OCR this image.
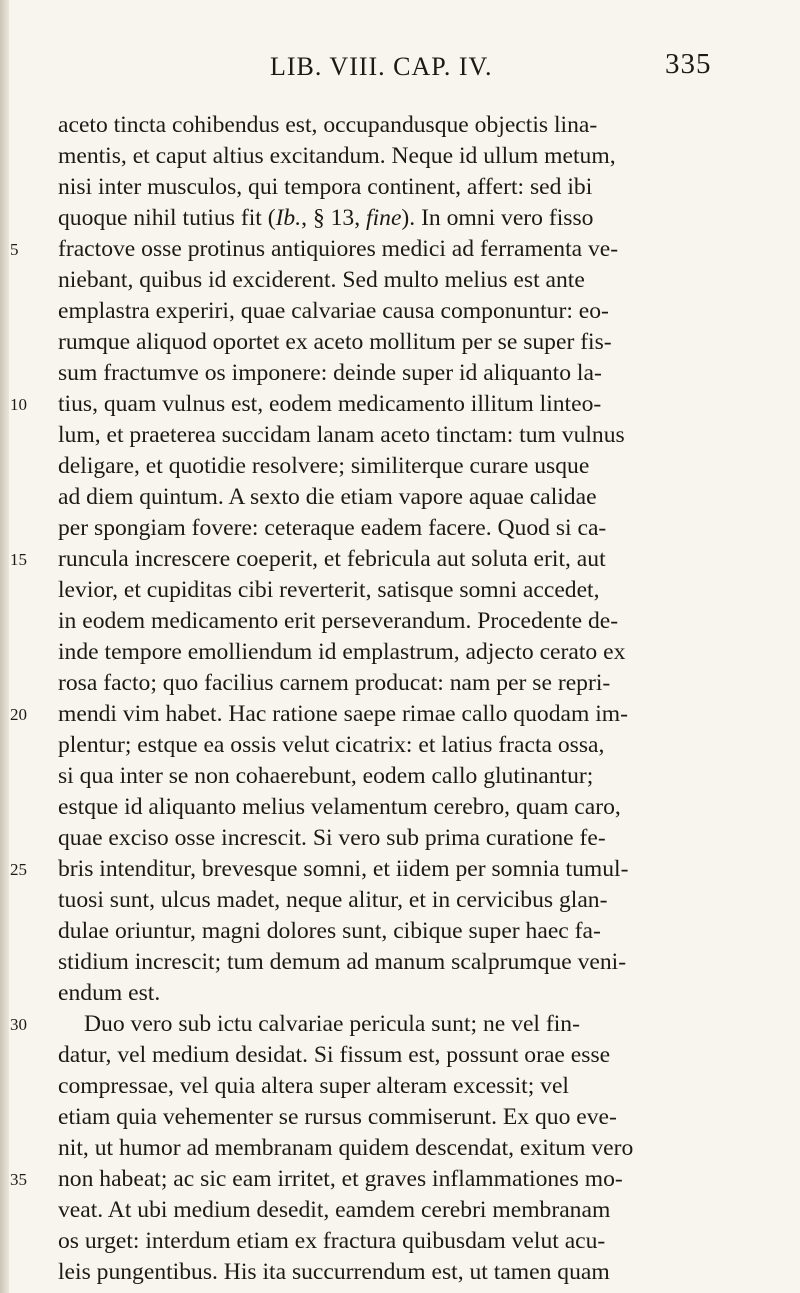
LIB. VIII. CAP. IV.	335
aceto tincta cohibendus est, occupandusque objectis lina-
mentis, et caput altius excitandum. Neque id ullum metum,
nisi inter musculos, qui tempora continent, affert: sed ibi
quoque nihil tutius fit (Ib., § 13, fine). In omni vero fisso
5	fractove osse protinus antiquiores medici ad ferramenta ve-
niebant, quibus id exciderent. Sed multo melius est ante
emplastra experiri, quae calvariae causa componuntur: eo-
rumque aliquod oportet ex aceto mollitum per se super fis-
sum fractumve os imponere: deinde super id aliquanto la-
10	tius, quam vulnus est, eodem medicamento illitum linteo-
lum, et praeterea succidam lanam aceto tinctam: tum vulnus
deligare, et quotidie resolvere; similiterque curare usque
ad diem quintum. A sexto die etiam vapore aquae calidae
per spongiam fovere: ceteraque eadem facere. Quod si ca-
15	runcula increscere coeperit, et febricula aut soluta erit, aut
levior, et cupiditas cibi reverterit, satisque somni accedet,
in eodem medicamento erit perseverandum. Procedente de-
inde tempore emolliendum id emplastrum, adjecto cerato ex
rosa facto; quo facilius carnem producat: nam per se repri-
20	mendi vim habet. Hac ratione saepe rimae callo quodam im-
plentur; estque ea ossis velut cicatrix: et latius fracta ossa,
si qua inter se non cohaerebunt, eodem callo glutinantur;
estque id aliquanto melius velamentum cerebro, quam caro,
quae exciso osse increscit. Si vero sub prima curatione fe-
25	bris intenditur, brevesque somni, et iidem per somnia tumul-
tuosi sunt, ulcus madet, neque alitur, et in cervicibus glan-
dulae oriuntur, magni dolores sunt, cibique super haec fa-
stidium increscit; tum demum ad manum scalprumque veni-
endum est.
30	Duo vero sub ictu calvariae pericula sunt; ne vel fin-
datur, vel medium desidat. Si fissum est, possunt orae esse
compressae, vel quia altera super alteram excessit; vel
etiam quia vehementer se rursus commiserunt. Ex quo eve-
nit, ut humor ad membranam quidem descendat, exitum vero
35	non habeat; ac sic eam irritet, et graves inflammationes mo-
veat. At ubi medium desedit, eamdem cerebri membranam
os urget: interdum etiam ex fractura quibusdam velut acu-
leis pungentibus. His ita succurrendum est, ut tamen quam
